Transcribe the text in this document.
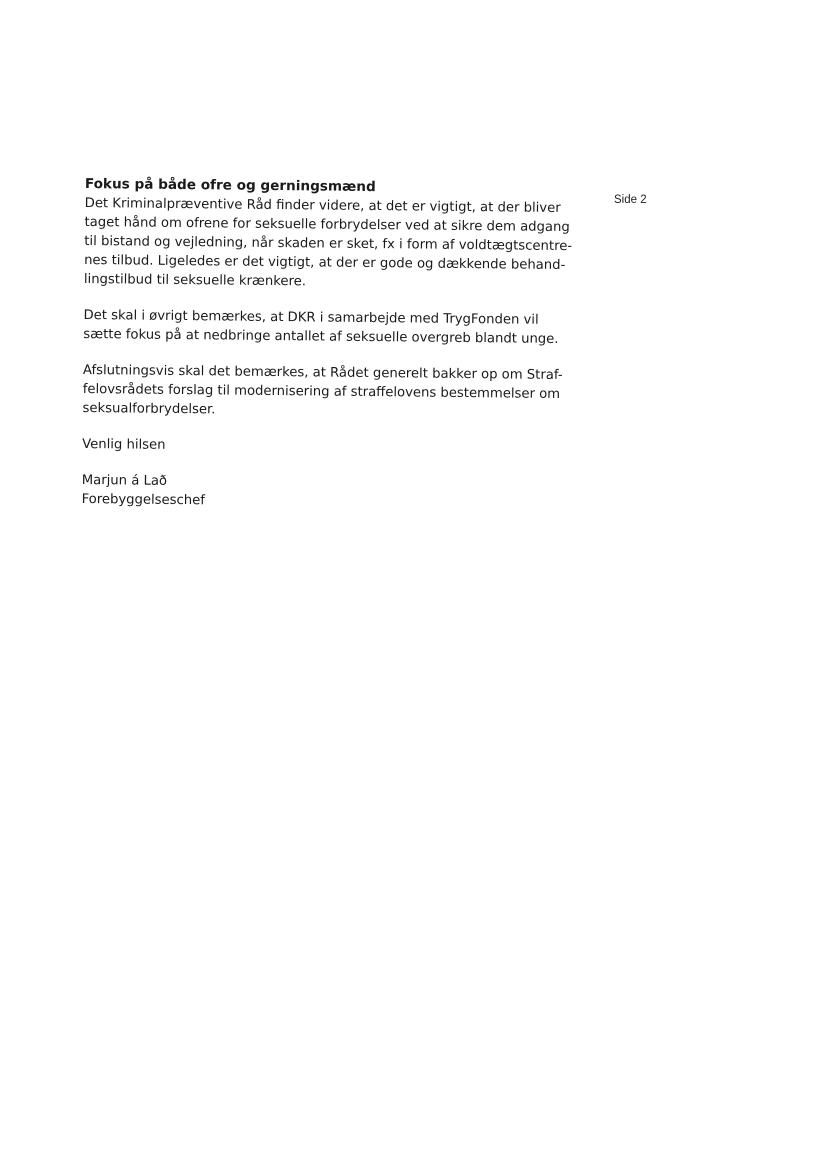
Side 2

Fokus på både ofre og gerningsmænd

Det Kriminalpræventive Råd finder videre, at det er vigtigt, at der bliver
taget hånd om ofrene for seksuelle forbrydelser ved at sikre dem adgang
til bistand og vejledning, når skaden er sket, fx i form af voldtægtscentre-
nes tilbud. Ligeledes er det vigtigt, at der er gode og dækkende behand-
lingstilbud til seksuelle krænkere.

Det skal i øvrigt bemærkes, at DKR i samarbejde med TrygFonden vil
sætte fokus på at nedbringe antallet af seksuelle overgreb blandt unge.

Afslutningsvis skal det bemærkes, at Rådet generelt bakker op om Straf-
felovsrådets forslag til modernisering af straffelovens bestemmelser om
seksualforbrydelser.

Venlig hilsen

Marjun á Lað

Forebyggelseschef
